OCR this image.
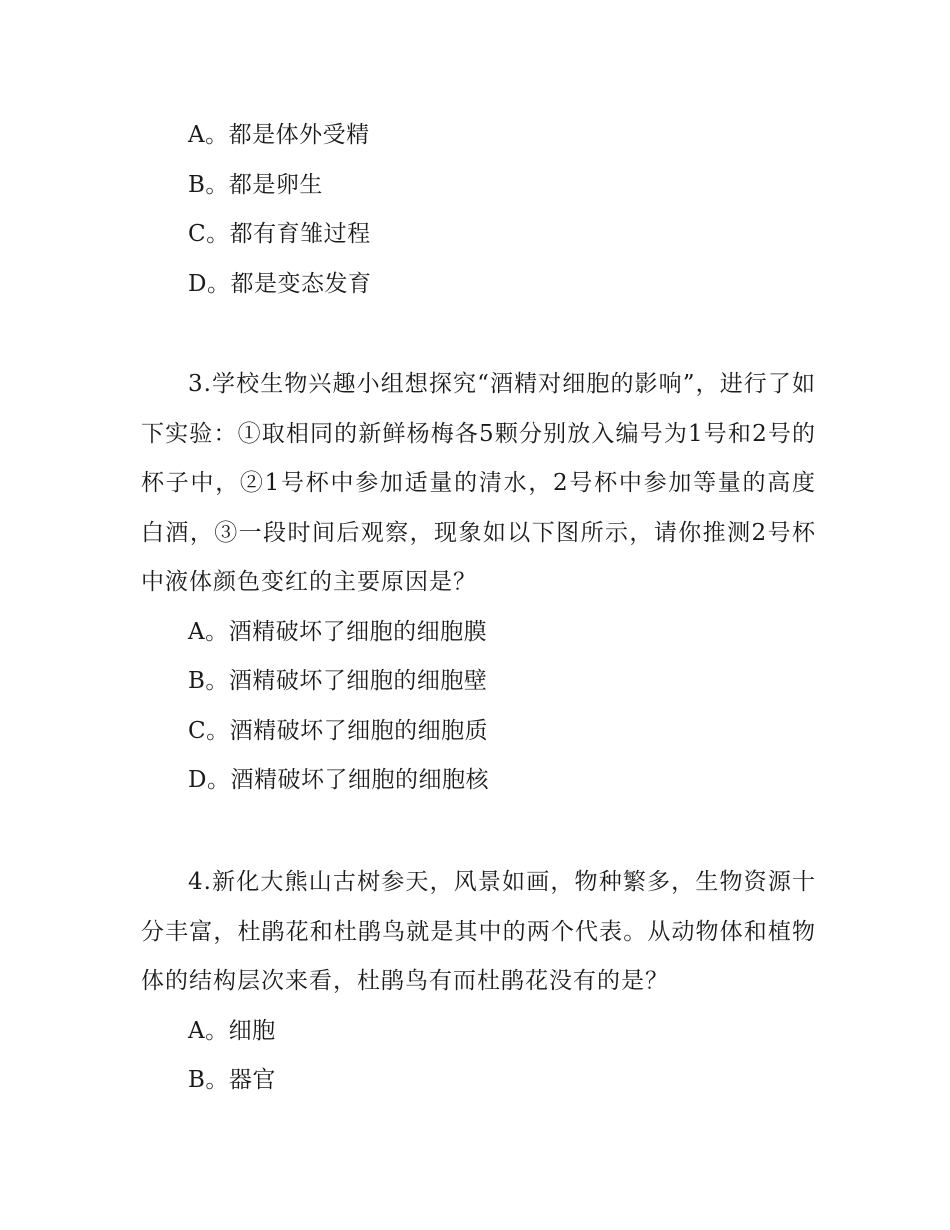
A。都是体外受精
B。都是卵生
C。都有育雏过程
D。都是变态发育
3.学校生物兴趣小组想探究“酒精对细胞的影响”，进行了如下实验：①取相同的新鲜杨梅各5颗分别放入编号为1号和2号的杯子中，②1号杯中参加适量的清水，2号杯中参加等量的高度白酒，③一段时间后观察，现象如以下图所示，请你推测2号杯中液体颜色变红的主要原因是？
A。酒精破坏了细胞的细胞膜
B。酒精破坏了细胞的细胞壁
C。酒精破坏了细胞的细胞质
D。酒精破坏了细胞的细胞核
4.新化大熊山古树参天，风景如画，物种繁多，生物资源十分丰富，杜鹃花和杜鹃鸟就是其中的两个代表。从动物体和植物体的结构层次来看，杜鹃鸟有而杜鹃花没有的是？
A。细胞
B。器官
